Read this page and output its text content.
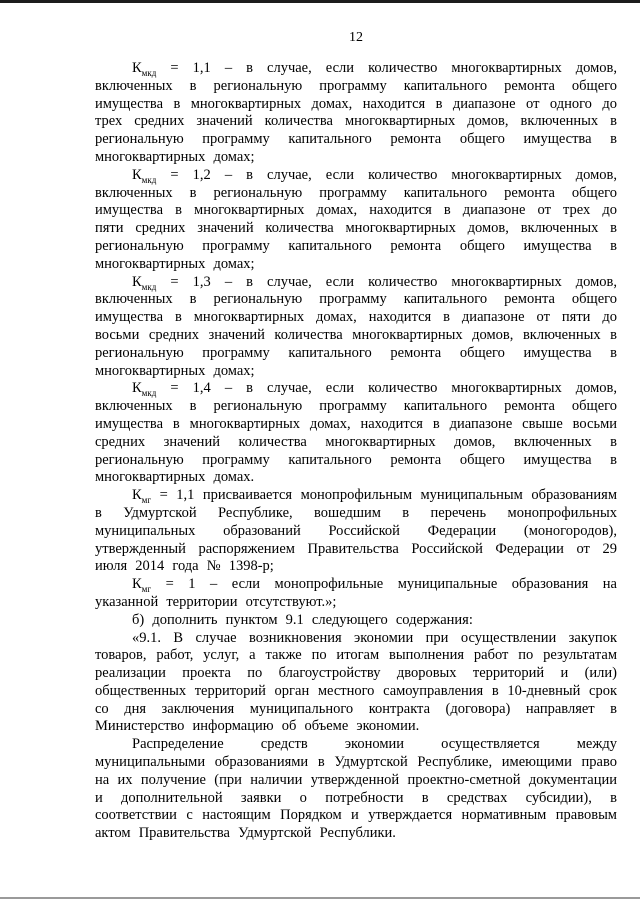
12

$К_{мкд} = 1,1 - в$ случае, если количество многоквартирных домов, включенных в региональную программу капитального ремонта общего имущества в многоквартирных домах, находится в диапазоне от одного до трех средних значений количества многоквартирных домов, включенных в региональную программу капитального ремонта общего имущества в многоквартирных домах;

$К_{мкд} = 1,2 - в$ случае, если количество многоквартирных домов, включенных в региональную программу капитального ремонта общего имущества в многоквартирных домах, находится в диапазоне от трех до пяти средних значений количества многоквартирных домов, включенных в региональную программу капитального ремонта общего имущества в многоквартирных домах;

$К_{мкд} = 1,3 - в$ случае, если количество многоквартирных домов, включенных в региональную программу капитального ремонта общего имущества в многоквартирных домах, находится в диапазоне от пяти до восьми средних значений количества многоквартирных домов, включенных в региональную программу капитального ремонта общего имущества в многоквартирных домах;

$К_{мкд} = 1,4 - в$ случае, если количество многоквартирных домов, включенных в региональную программу капитального ремонта общего имущества в многоквартирных домах, находится в диапазоне свыше восьми средних значений количества многоквартирных домов, включенных в региональную программу капитального ремонта общего имущества в многоквартирных домах.

$К_{мг} = 1,1$ присваивается монопрофильным муниципальным образованиям в Удмуртской Республике, вошедшим в перечень монопрофильных муниципальных образований Российской Федерации (моногородов), утвержденный распоряжением Правительства Российской Федерации от 29 июля 2014 года № 1398-р;

$К_{мг} = 1$ – если монопрофильные муниципальные образования на указанной территории отсутствуют.»;

б) дополнить пунктом 9.1 следующего содержания:

«9.1. В случае возникновения экономии при осуществлении закупок товаров, работ, услуг, а также по итогам выполнения работ по результатам реализации проекта по благоустройству дворовых территорий и (или) общественных территорий орган местного самоуправления в 10-дневный срок со дня заключения муниципального контракта (договора) направляет в Министерство информацию об объеме экономии.

Распределение средств экономии осуществляется между муниципальными образованиями в Удмуртской Республике, имеющими право на их получение (при наличии утвержденной проектно-сметной документации и дополнительной заявки о потребности в средствах субсидии), в соответствии с настоящим Порядком и утверждается нормативным правовым актом Правительства Удмуртской Республики.
